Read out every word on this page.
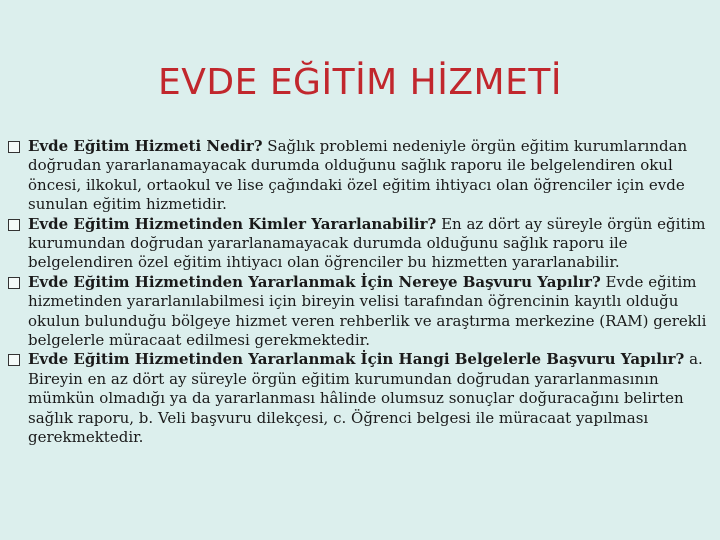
EVDE EĞİTİM HİZMETİ

Evde Eğitim Hizmeti Nedir? Sağlık problemi nedeniyle örgün eğitim kurumlarından doğrudan yararlanamayacak durumda olduğunu sağlık raporu ile belgelendiren okul öncesi, ilkokul, ortaokul ve lise çağındaki özel eğitim ihtiyacı olan öğrenciler için evde sunulan eğitim hizmetidir.

Evde Eğitim Hizmetinden Kimler Yararlanabilir? En az dört ay süreyle örgün eğitim kurumundan doğrudan yararlanamayacak durumda olduğunu sağlık raporu ile belgelendiren özel eğitim ihtiyacı olan öğrenciler bu hizmetten yararlanabilir.

Evde Eğitim Hizmetinden Yararlanmak İçin Nereye Başvuru Yapılır? Evde eğitim hizmetinden yararlanılabilmesi için bireyin velisi tarafından öğrencinin kayıtlı olduğu okulun bulunduğu bölgeye hizmet veren rehberlik ve araştırma merkezine (RAM) gerekli belgelerle müracaat edilmesi gerekmektedir.

Evde Eğitim Hizmetinden Yararlanmak İçin Hangi Belgelerle Başvuru Yapılır? a. Bireyin en az dört ay süreyle örgün eğitim kurumundan doğrudan yararlanmasının mümkün olmadığı ya da yararlanması hâlinde olumsuz sonuçlar doğuracağını belirten sağlık raporu, b. Veli başvuru dilekçesi, c. Öğrenci belgesi ile müracaat yapılması gerekmektedir.
